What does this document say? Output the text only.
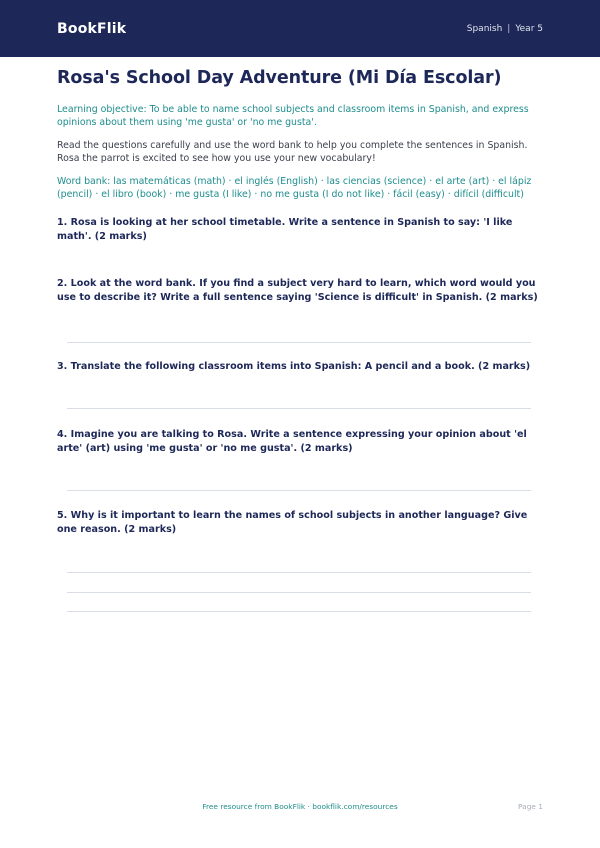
BookFlik	Spanish | Year 5
Rosa's School Day Adventure (Mi Día Escolar)
Learning objective: To be able to name school subjects and classroom items in Spanish, and express opinions about them using 'me gusta' or 'no me gusta'.
Read the questions carefully and use the word bank to help you complete the sentences in Spanish. Rosa the parrot is excited to see how you use your new vocabulary!
Word bank: las matemáticas (math) · el inglés (English) · las ciencias (science) · el arte (art) · el lápiz (pencil) · el libro (book) · me gusta (I like) · no me gusta (I do not like) · fácil (easy) · difícil (difficult)
1. Rosa is looking at her school timetable. Write a sentence in Spanish to say: 'I like math'. (2 marks)
2. Look at the word bank. If you find a subject very hard to learn, which word would you use to describe it? Write a full sentence saying 'Science is difficult' in Spanish. (2 marks)
3. Translate the following classroom items into Spanish: A pencil and a book. (2 marks)
4. Imagine you are talking to Rosa. Write a sentence expressing your opinion about 'el arte' (art) using 'me gusta' or 'no me gusta'. (2 marks)
5. Why is it important to learn the names of school subjects in another language? Give one reason. (2 marks)
Free resource from BookFlik · bookflik.com/resources	Page 1
